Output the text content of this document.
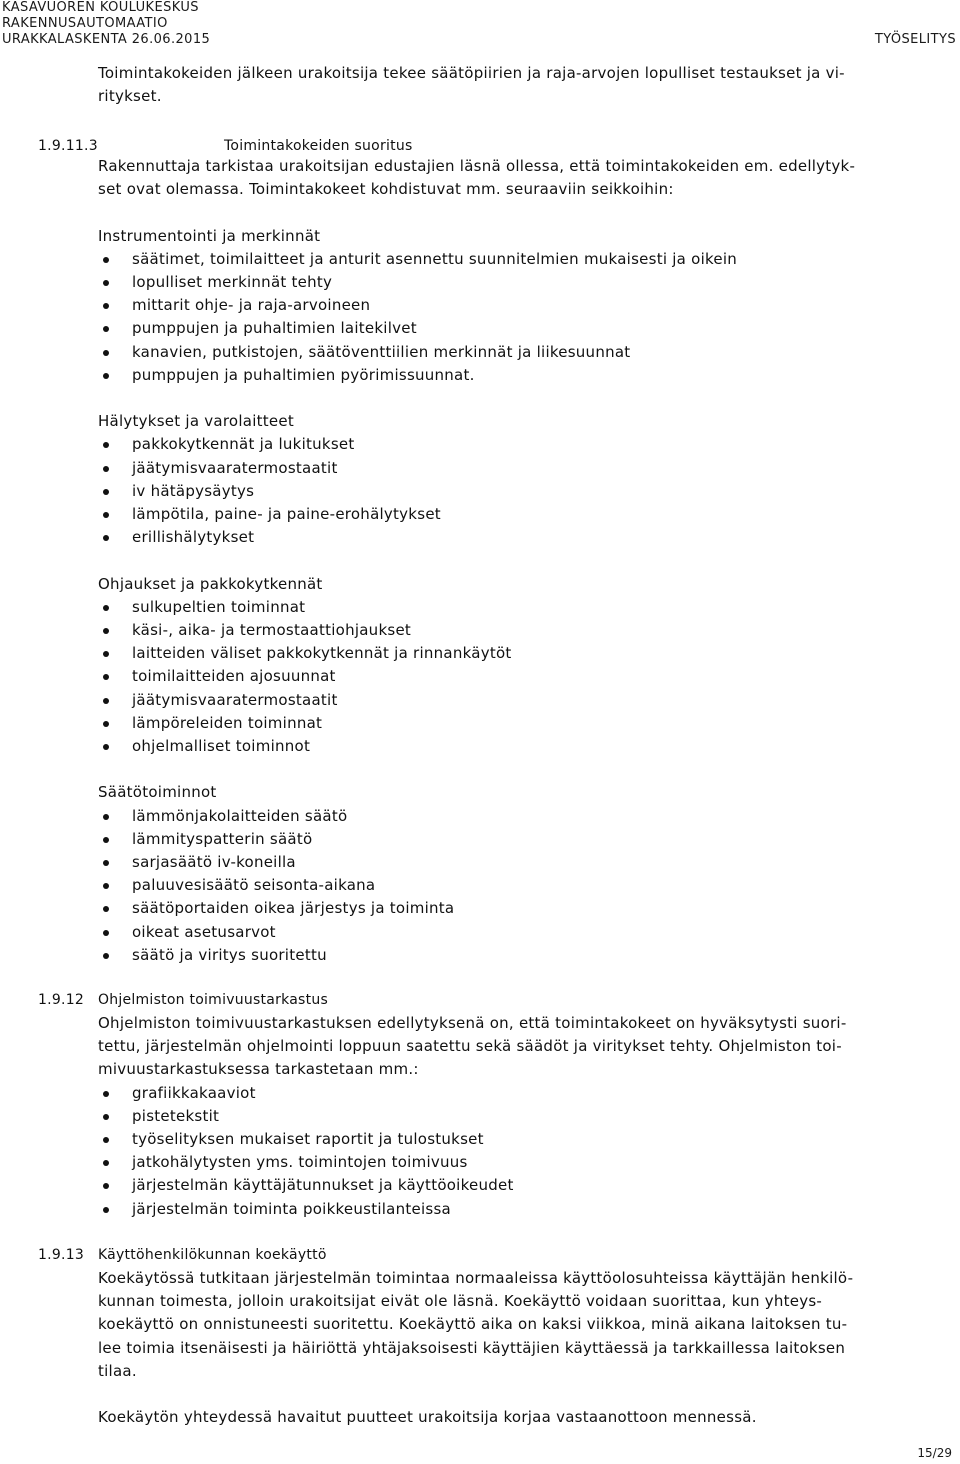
KASAVUOREN KOULUKESKUS
RAKENNUSAUTOMAATIO
URAKKALASKENTA 26.06.2015	TYÖSELITYS
Toimintakokeiden jälkeen urakoitsija tekee säätöpiirien ja raja-arvojen lopulliset testaukset ja vi-
ritykset.
1.9.11.3	Toimintakokeiden suoritus
Rakennuttaja tarkistaa urakoitsijan edustajien läsnä ollessa, että toimintakokeiden em. edellytyk-
set ovat olemassa. Toimintakokeet kohdistuvat mm. seuraaviin seikkoihin:
Instrumentointi ja merkinnät
säätimet, toimilaitteet ja anturit asennettu suunnitelmien mukaisesti ja oikein
lopulliset merkinnät tehty
mittarit ohje- ja raja-arvoineen
pumppujen ja puhaltimien laitekilvet
kanavien, putkistojen, säätöventtiilien merkinnät ja liikesuunnat
pumppujen ja puhaltimien pyörimissuunnat.
Hälytykset ja varolaitteet
pakkokytkennät ja lukitukset
jäätymisvaaratermostaatit
iv hätäpysäytys
lämpötila, paine- ja paine-erohälytykset
erillishälytykset
Ohjaukset ja pakkokytkennät
sulkupeltien toiminnat
käsi-, aika- ja termostaattiohjaukset
laitteiden väliset pakkokytkennät ja rinnankäytöt
toimilaitteiden ajosuunnat
jäätymisvaaratermostaatit
lämpöreleiden toiminnat
ohjelmalliset toiminnot
Säätötoiminnot
lämmönjakolaitteiden säätö
lämmityspatterin säätö
sarjasäätö iv-koneilla
paluuvesisäätö seisonta-aikana
säätöportaiden oikea järjestys ja toiminta
oikeat asetusarvot
säätö ja viritys suoritettu
1.9.12 Ohjelmiston toimivuustarkastus
Ohjelmiston toimivuustarkastuksen edellytyksenä on, että toimintakokeet on hyväksytysti suori-
tettu, järjestelmän ohjelmointi loppuun saatettu sekä säädöt ja viritykset tehty. Ohjelmiston toi-
mivuustarkastuksessa tarkastetaan mm.:
grafiikkakaaviot
pistetekstit
työselityksen mukaiset raportit ja tulostukset
jatkohälytysten yms. toimintojen toimivuus
järjestelmän käyttäjätunnukset ja käyttöoikeudet
järjestelmän toiminta poikkeustilanteissa
1.9.13 Käyttöhenkilökunnan koekäyttö
Koekäytössä tutkitaan järjestelmän toimintaa normaaleissa käyttöolosuhteissa käyttäjän henkilö-
kunnan toimesta, jolloin urakoitsijat eivät ole läsnä. Koekäyttö voidaan suorittaa, kun yhteys-
koekäyttö on onnistuneesti suoritettu. Koekäyttö aika on kaksi viikkoa, minä aikana laitoksen tu-
lee toimia itsenäisesti ja häiriöttä yhtäjaksoisesti käyttäjien käyttäessä ja tarkkaillessa laitoksen
tilaa.
Koekäytön yhteydessä havaitut puutteet urakoitsija korjaa vastaanottoon mennessä.
15/29
